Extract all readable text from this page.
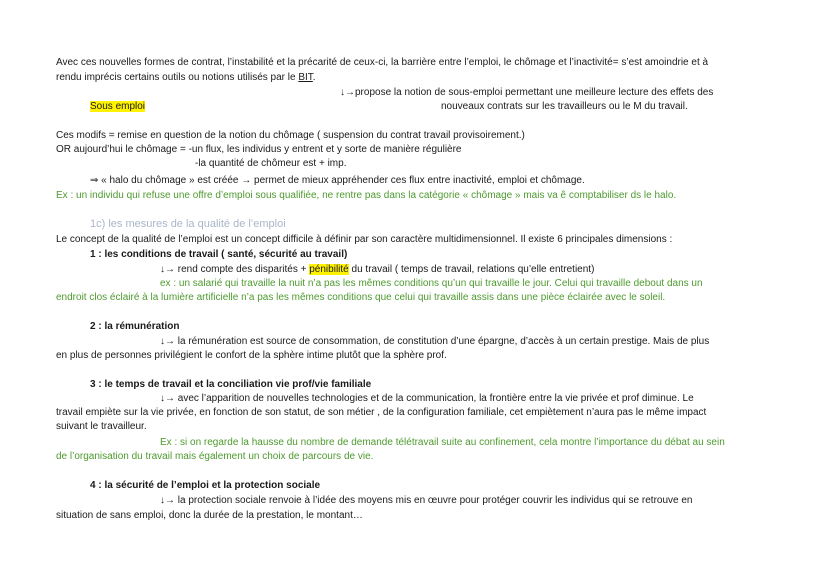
Avec ces nouvelles formes de contrat, l’instabilité et la précarité de ceux-ci, la barrière entre l’emploi, le chômage et l’inactivité= s’est amoindrie et à
rendu imprécis certains outils ou notions utilisés par le BIT.
↓→propose la notion de sous-emploi permettant une meilleure lecture des effets des
Sous emploi	nouveaux contrats sur les travailleurs ou le M du travail.
Ces modifs = remise en question de la notion du chômage ( suspension du contrat travail provisoirement.)
OR aujourd’hui le chômage = -un flux, les individus y entrent et y sorte de manière régulière
-la quantité de chômeur est + imp.
⇒ « halo du chômage » est créée → permet de mieux appréhender ces flux entre inactivité, emploi et chômage.
Ex : un individu qui refuse une offre d’emploi sous qualifiée, ne rentre pas dans la catégorie « chômage » mais va ê comptabiliser ds le halo.
1c) les mesures de la qualité de l’emploi
Le concept de la qualité de l’emploi est un concept difficile à définir par son caractère multidimensionnel. Il existe 6 principales dimensions :
1 : les conditions de travail ( santé, sécurité au travail)
↓→ rend compte des disparités + pénibilité du travail ( temps de travail, relations qu’elle entretient)
ex : un salarié qui travaille la nuit n’a pas les mêmes conditions qu’un qui travaille le jour. Celui qui travaille debout dans un
endroit clos éclairé à la lumière artificielle n’a pas les mêmes conditions que celui qui travaille assis dans une pièce éclairée avec le soleil.
2 : la rémunération
↓→ la rémunération est source de consommation, de constitution d’une épargne, d’accès à un certain prestige. Mais de plus
en plus de personnes privilégient le confort de la sphère intime plutôt que la sphère prof.
3 : le temps de travail et la conciliation vie prof/vie familiale
↓→ avec l’apparition de nouvelles technologies et de la communication, la frontière entre la vie privée et prof diminue. Le
travail empiète sur la vie privée, en fonction de son statut, de son métier , de la configuration familiale, cet empiètement n’aura pas le même impact
suivant le travailleur.
Ex : si on regarde la hausse du nombre de demande télétravail suite au confinement, cela montre l’importance du débat au sein
de l’organisation du travail mais également un choix de parcours de vie.
4 : la sécurité de l’emploi et la protection sociale
↓→ la protection sociale renvoie à l’idée des moyens mis en œuvre pour protéger couvrir les individus qui se retrouve en
situation de sans emploi, donc la durée de la prestation, le montant…
